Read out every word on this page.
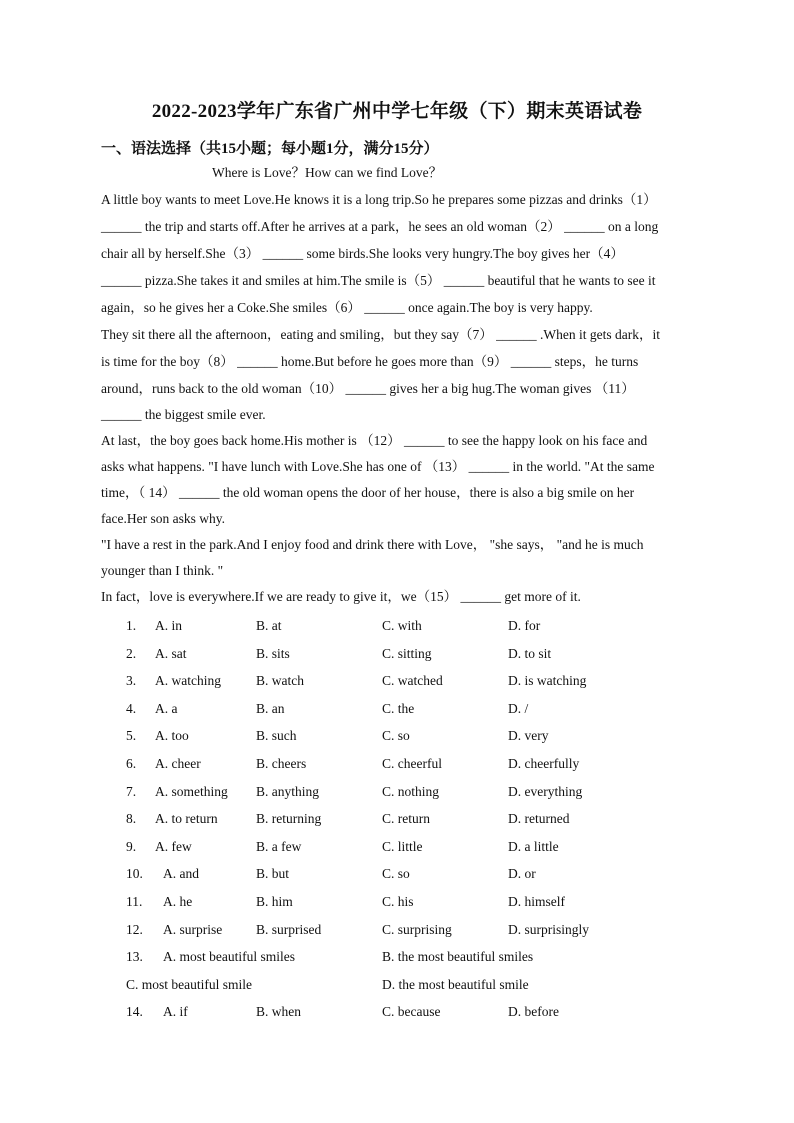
2022-2023学年广东省广州中学七年级（下）期末英语试卷
一、语法选择（共15小题；每小题1分，满分15分）
Where is Love？How can we find Love？
A little boy wants to meet Love.He knows it is a long trip.So he prepares some pizzas and drinks（1）
______ the trip and starts off.After he arrives at a park，he sees an old woman（2） ______ on a long
chair all by herself.She（3） ______ some birds.She looks very hungry.The boy gives her（4）
______ pizza.She takes it and smiles at him.The smile is（5） ______ beautiful that he wants to see it
again，so he gives her a Coke.She smiles（6） ______ once again.The boy is very happy.
They sit there all the afternoon，eating and smiling，but they say（7） ______ .When it gets dark，it
is time for the boy（8） ______ home.But before he goes more than（9） ______ steps，he turns
around，runs back to the old woman（10） ______ gives her a big hug.The woman gives （11）
______ the biggest smile ever.
At last，the boy goes back home.His mother is （12） ______ to see the happy look on his face and
asks what happens. "I have lunch with Love.She has one of （13） ______ in the world. "At the same
time，（ 14） ______ the old woman opens the door of her house，there is also a big smile on her
face.Her son asks why.
"I have a rest in the park.And I enjoy food and drink there with Love， "she says， "and he is much
younger than I think. "
In fact，love is everywhere.If we are ready to give it，we（15） ______ get more of it.
1. A. in	B. at	C. with	D. for
2. A. sat	B. sits	C. sitting	D. to sit
3. A. watching	B. watch	C. watched	D. is watching
4. A. a	B. an	C. the	D. /
5. A. too	B. such	C. so	D. very
6. A. cheer	B. cheers	C. cheerful	D. cheerfully
7. A. something B. anything	C. nothing	D. everything
8. A. to return	B. returning	C. return	D. returned
9. A. few	B. a few	C. little	D. a little
10. A. and	B. but	C. so	D. or
11. A. he	B. him	C. his	D. himself
12. A. surprise	B. surprised	C. surprising	D. surprisingly
13. A. most beautiful smiles	B. the most beautiful smiles
C. most beautiful smile	D. the most beautiful smile
14. A. if	B. when	C. because	D. before
